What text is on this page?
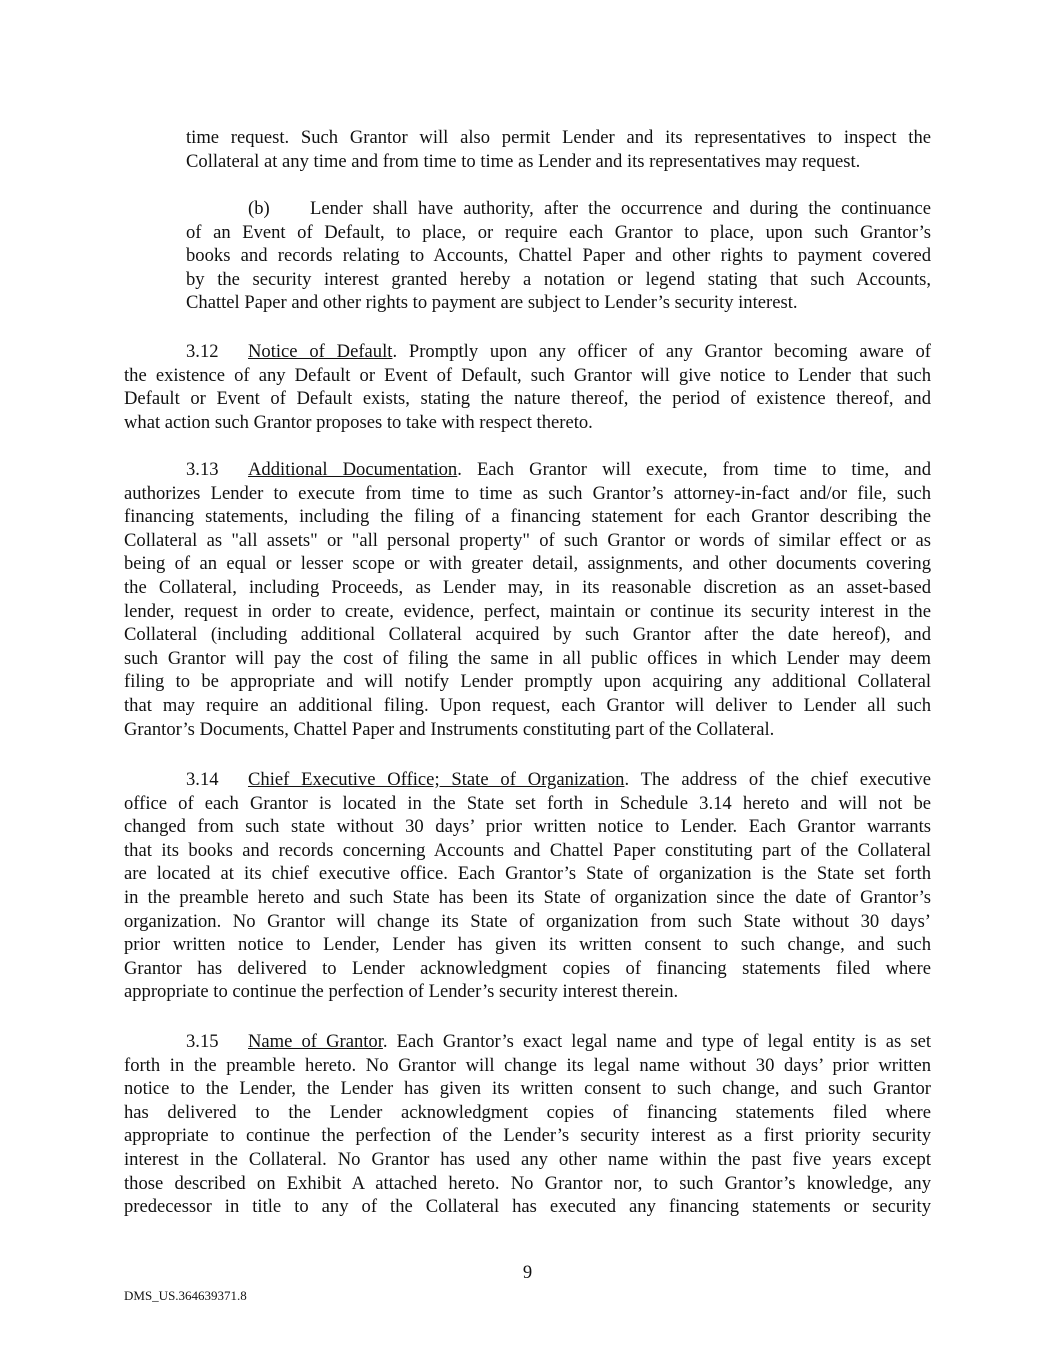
time request. Such Grantor will also permit Lender and its representatives to inspect the
Collateral at any time and from time to time as Lender and its representatives may request.
(b)	Lender shall have authority, after the occurrence and during the continuance
of an Event of Default, to place, or require each Grantor to place, upon such Grantor’s
books and records relating to Accounts, Chattel Paper and other rights to payment covered
by the security interest granted hereby a notation or legend stating that such Accounts,
Chattel Paper and other rights to payment are subject to Lender’s security interest.
3.12	Notice of Default. Promptly upon any officer of any Grantor becoming aware of
the existence of any Default or Event of Default, such Grantor will give notice to Lender that such
Default or Event of Default exists, stating the nature thereof, the period of existence thereof, and
what action such Grantor proposes to take with respect thereto.
3.13	Additional Documentation. Each Grantor will execute, from time to time, and
authorizes Lender to execute from time to time as such Grantor’s attorney-in-fact and/or file, such
financing statements, including the filing of a financing statement for each Grantor describing the
Collateral as "all assets" or "all personal property" of such Grantor or words of similar effect or as
being of an equal or lesser scope or with greater detail, assignments, and other documents covering
the Collateral, including Proceeds, as Lender may, in its reasonable discretion as an asset-based
lender, request in order to create, evidence, perfect, maintain or continue its security interest in the
Collateral (including additional Collateral acquired by such Grantor after the date hereof), and
such Grantor will pay the cost of filing the same in all public offices in which Lender may deem
filing to be appropriate and will notify Lender promptly upon acquiring any additional Collateral
that may require an additional filing. Upon request, each Grantor will deliver to Lender all such
Grantor’s Documents, Chattel Paper and Instruments constituting part of the Collateral.
3.14	Chief Executive Office; State of Organization. The address of the chief executive
office of each Grantor is located in the State set forth in Schedule 3.14 hereto and will not be
changed from such state without 30 days’ prior written notice to Lender. Each Grantor warrants
that its books and records concerning Accounts and Chattel Paper constituting part of the Collateral
are located at its chief executive office. Each Grantor’s State of organization is the State set forth
in the preamble hereto and such State has been its State of organization since the date of Grantor’s
organization. No Grantor will change its State of organization from such State without 30 days’
prior written notice to Lender, Lender has given its written consent to such change, and such
Grantor has delivered to Lender acknowledgment copies of financing statements filed where
appropriate to continue the perfection of Lender’s security interest therein.
3.15	Name of Grantor. Each Grantor’s exact legal name and type of legal entity is as set
forth in the preamble hereto. No Grantor will change its legal name without 30 days’ prior written
notice to the Lender, the Lender has given its written consent to such change, and such Grantor
has delivered to the Lender acknowledgment copies of financing statements filed where
appropriate to continue the perfection of the Lender’s security interest as a first priority security
interest in the Collateral. No Grantor has used any other name within the past five years except
those described on Exhibit A attached hereto. No Grantor nor, to such Grantor’s knowledge, any
predecessor in title to any of the Collateral has executed any financing statements or security
9
DMS_US.364639371.8
